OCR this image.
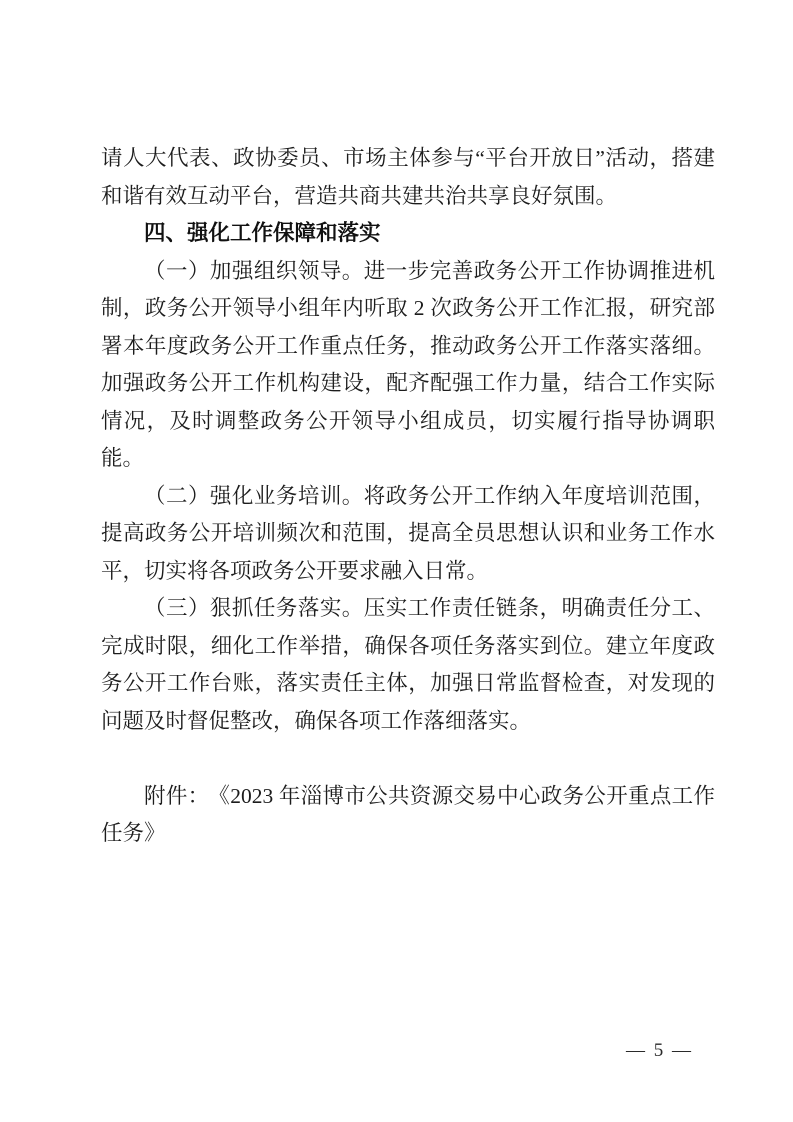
请人大代表、政协委员、市场主体参与“平台开放日”活动，搭建和谐有效互动平台，营造共商共建共治共享良好氛围。

四、强化工作保障和落实

（一）加强组织领导。进一步完善政务公开工作协调推进机制，政务公开领导小组年内听取 2 次政务公开工作汇报，研究部署本年度政务公开工作重点任务，推动政务公开工作落实落细。加强政务公开工作机构建设，配齐配强工作力量，结合工作实际情况，及时调整政务公开领导小组成员，切实履行指导协调职能。

（二）强化业务培训。将政务公开工作纳入年度培训范围，提高政务公开培训频次和范围，提高全员思想认识和业务工作水平，切实将各项政务公开要求融入日常。

（三）狠抓任务落实。压实工作责任链条，明确责任分工、完成时限，细化工作举措，确保各项任务落实到位。建立年度政务公开工作台账，落实责任主体，加强日常监督检查，对发现的问题及时督促整改，确保各项工作落细落实。

附件： 《2023 年淄博市公共资源交易中心政务公开重点工作任务》

— 5 —
